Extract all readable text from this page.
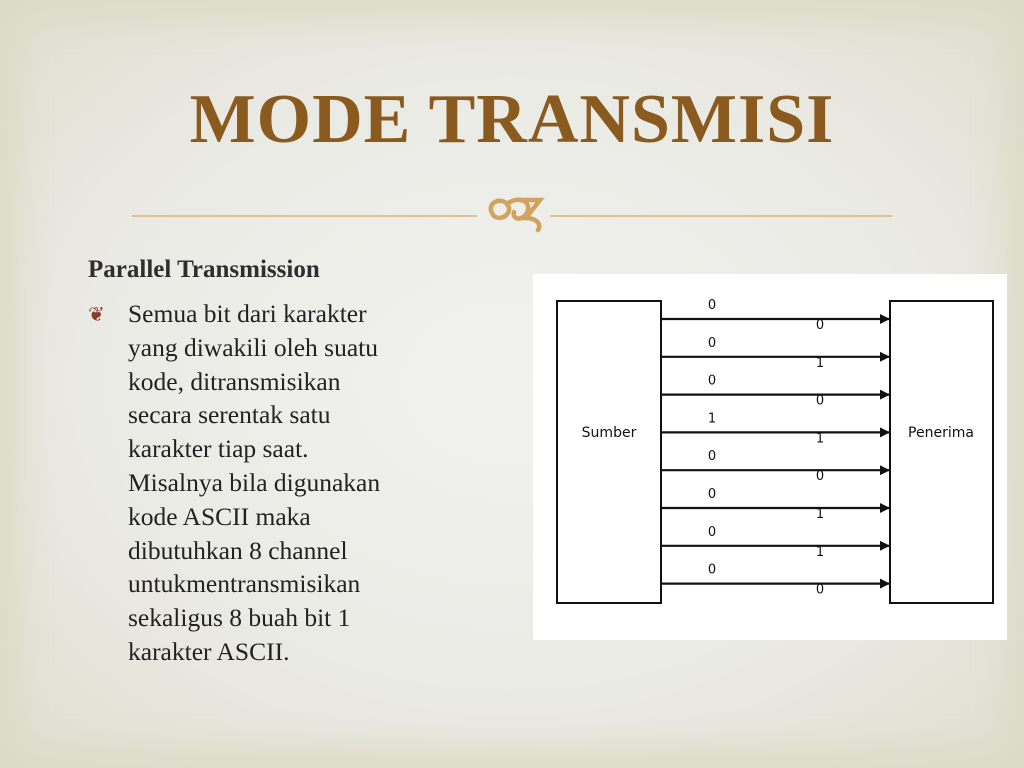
MODE TRANSMISI
Parallel Transmission
❦ Semua bit dari karakter
yang diwakili oleh suatu
kode, ditransmisikan
secara serentak satu
karakter tiap saat.
Misalnya bila digunakan
kode ASCII maka
dibutuhkan 8 channel
untukmentransmisikan
sekaligus 8 buah bit 1
karakter ASCII.
Sumber	Penerima
0
0
0
1
0
0
1
1
0
0
0
1
0
1
0
0
